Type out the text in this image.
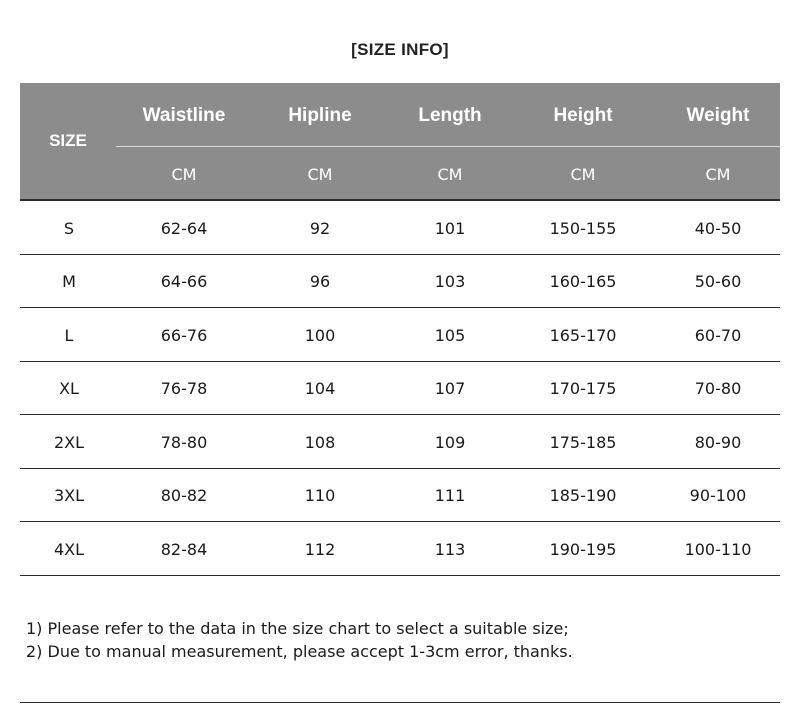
[SIZE INFO]
SIZE
Waistline	Hipline	Length	Height	Weight
CM	CM	CM	CM	CM
S	62-64	92	101	150-155	40-50
M	64-66	96	103	160-165	50-60
L	66-76	100	105	165-170	60-70
XL	76-78	104	107	170-175	70-80
2XL	78-80	108	109	175-185	80-90
3XL	80-82	110	111	185-190	90-100
4XL	82-84	112	113	190-195	100-110
1) Please refer to the data in the size chart to select a suitable size;
2) Due to manual measurement, please accept 1-3cm error, thanks.
